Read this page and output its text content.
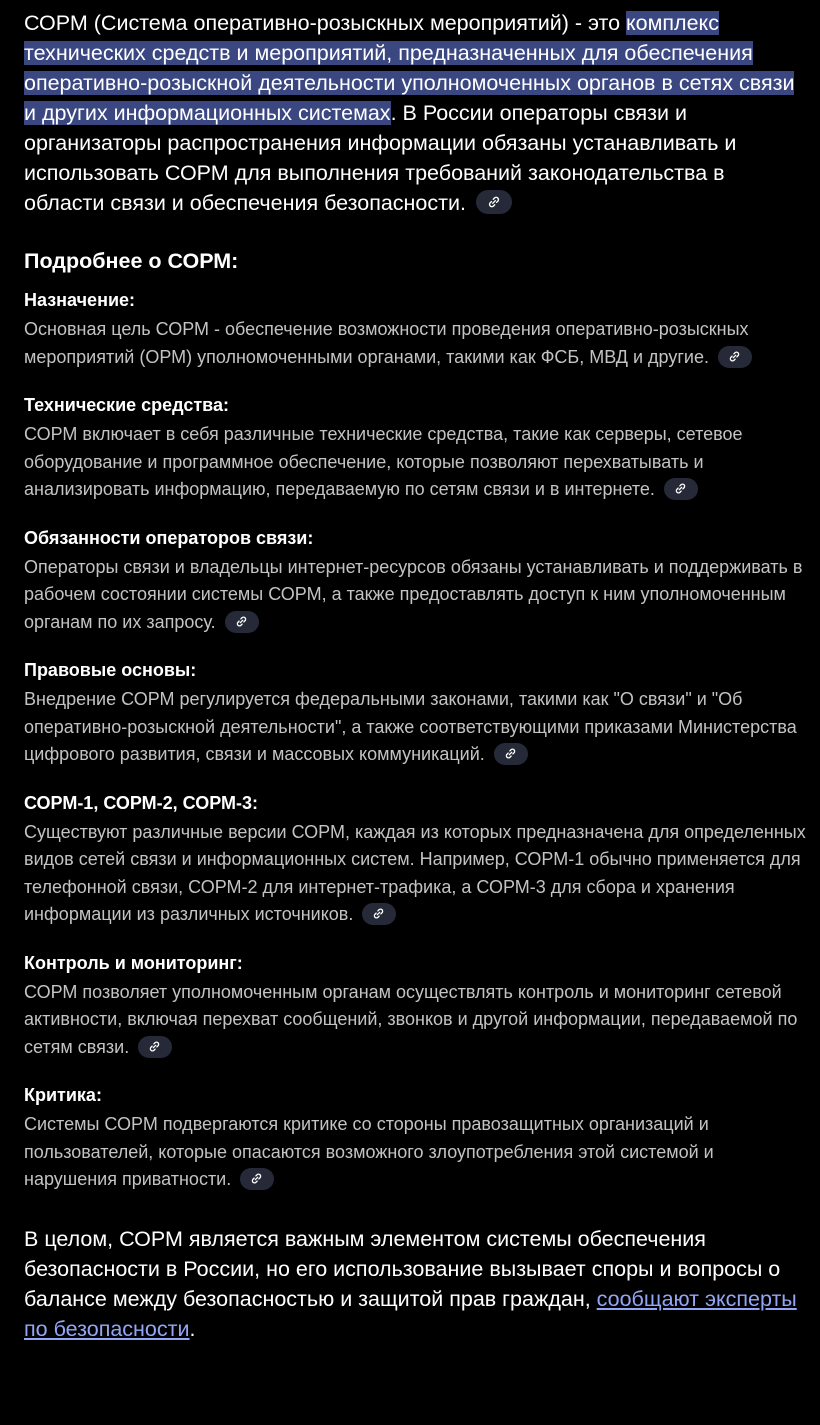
СОРМ (Система оперативно-розыскных мероприятий) - это комплекс технических средств и мероприятий, предназначенных для обеспечения оперативно-розыскной деятельности уполномоченных органов в сетях связи и других информационных системах. В России операторы связи и организаторы распространения информации обязаны устанавливать и использовать СОРМ для выполнения требований законодательства в области связи и обеспечения безопасности.

Подробнее о СОРМ:
Назначение:

Основная цель СОРМ - обеспечение возможности проведения оперативно-розыскных мероприятий (ОРМ) уполномоченными органами, такими как ФСБ, МВД и другие.

Технические средства:

СОРМ включает в себя различные технические средства, такие как серверы, сетевое оборудование и программное обеспечение, которые позволяют перехватывать и анализировать информацию, передаваемую по сетям связи и в интернете.

Обязанности операторов связи:

Операторы связи и владельцы интернет-ресурсов обязаны устанавливать и поддерживать в рабочем состоянии системы СОРМ, а также предоставлять доступ к ним уполномоченным органам по их запросу.

Правовые основы:

Внедрение СОРМ регулируется федеральными законами, такими как "О связи" и "Об оперативно-розыскной деятельности", а также соответствующими приказами Министерства цифрового развития, связи и массовых коммуникаций.

СОРМ-1, СОРМ-2, СОРМ-3:

Существуют различные версии СОРМ, каждая из которых предназначена для определенных видов сетей связи и информационных систем. Например, СОРМ-1 обычно применяется для телефонной связи, СОРМ-2 для интернет-трафика, а СОРМ-3 для сбора и хранения информации из различных источников.

Контроль и мониторинг:

СОРМ позволяет уполномоченным органам осуществлять контроль и мониторинг сетевой активности, включая перехват сообщений, звонков и другой информации, передаваемой по сетям связи.

Критика:

Системы СОРМ подвергаются критике со стороны правозащитных организаций и пользователей, которые опасаются возможного злоупотребления этой системой и нарушения приватности.

В целом, СОРМ является важным элементом системы обеспечения безопасности в России, но его использование вызывает споры и вопросы о балансе между безопасностью и защитой прав граждан, сообщают эксперты по безопасности.
